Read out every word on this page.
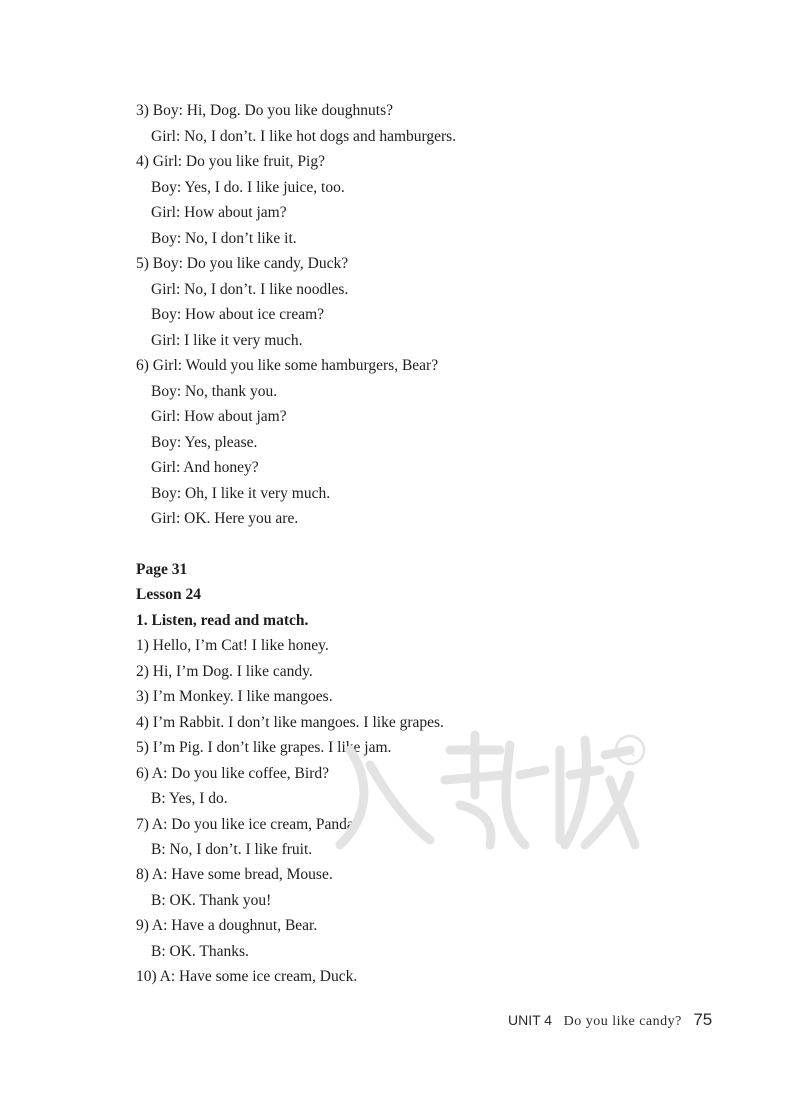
3) Boy: Hi, Dog. Do you like doughnuts?
Girl: No, I don’t. I like hot dogs and hamburgers.
4) Girl: Do you like fruit, Pig?
Boy: Yes, I do. I like juice, too.
Girl: How about jam?
Boy: No, I don’t like it.
5) Boy: Do you like candy, Duck?
Girl: No, I don’t. I like noodles.
Boy: How about ice cream?
Girl: I like it very much.
6) Girl: Would you like some hamburgers, Bear?
Boy: No, thank you.
Girl: How about jam?
Boy: Yes, please.
Girl: And honey?
Boy: Oh, I like it very much.
Girl: OK. Here you are.
Page 31
Lesson 24
1. Listen, read and match.
1) Hello, I’m Cat! I like honey.
2) Hi, I’m Dog. I like candy.
3) I’m Monkey. I like mangoes.
4) I’m Rabbit. I don’t like mangoes. I like grapes.
5) I’m Pig. I don’t like grapes. I like jam.
6) A: Do you like coffee, Bird?
B: Yes, I do.
7) A: Do you like ice cream, Panda?
B: No, I don’t. I like fruit.
8) A: Have some bread, Mouse.
B: OK. Thank you!
9) A: Have a doughnut, Bear.
B: OK. Thanks.
10) A: Have some ice cream, Duck.
R
UNIT 4 Do you like candy? 75
